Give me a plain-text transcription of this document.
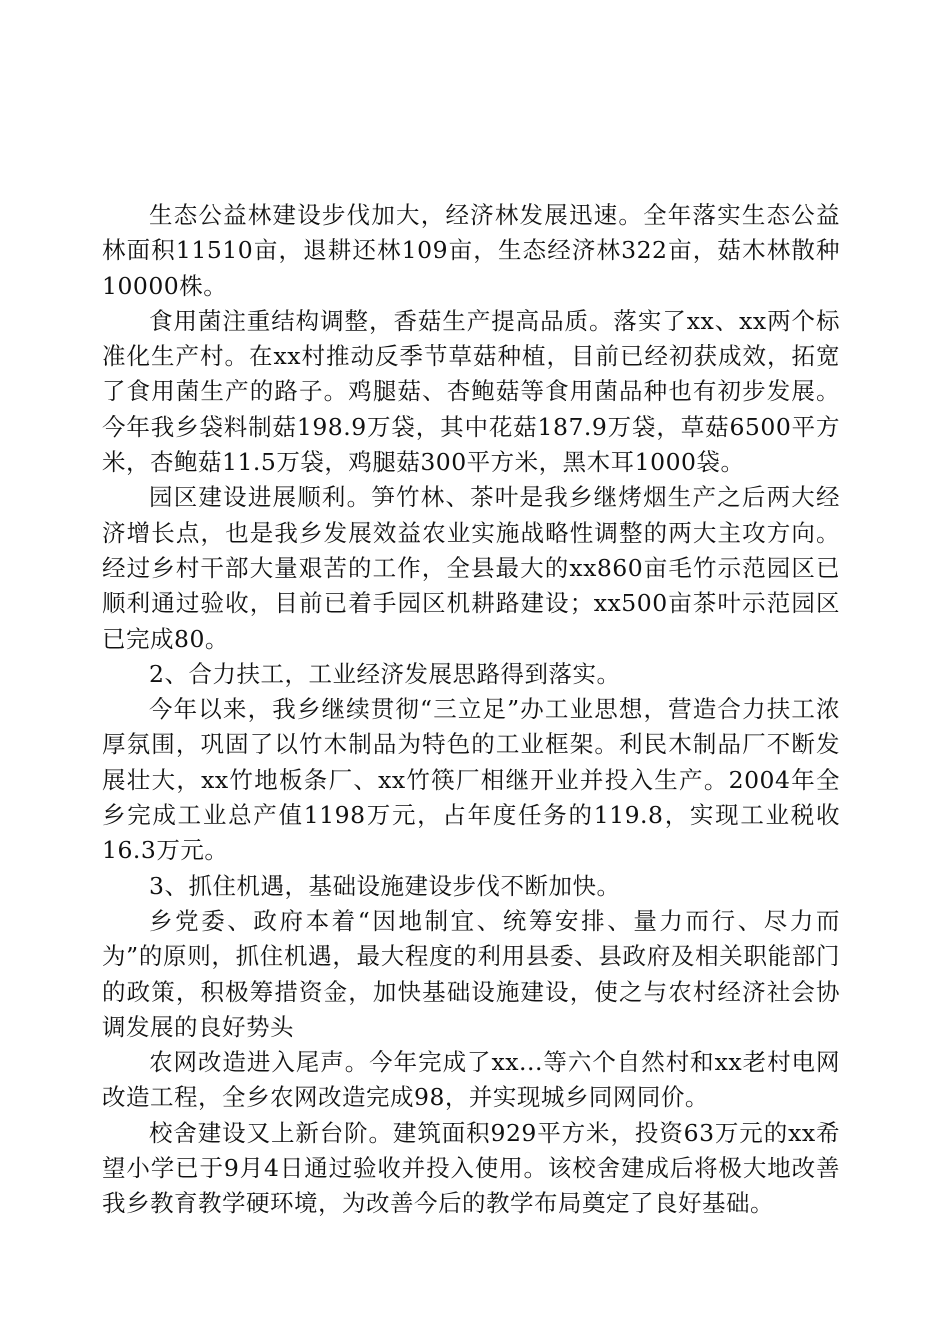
生态公益林建设步伐加大，经济林发展迅速。全年落实生态公益林面积11510亩，退耕还林109亩，生态经济林322亩，菇木林散种10000株。

食用菌注重结构调整，香菇生产提高品质。落实了xx、xx两个标准化生产村。在xx村推动反季节草菇种植，目前已经初获成效，拓宽了食用菌生产的路子。鸡腿菇、杏鲍菇等食用菌品种也有初步发展。今年我乡袋料制菇198.9万袋，其中花菇187.9万袋，草菇6500平方米，杏鲍菇11.5万袋，鸡腿菇300平方米，黑木耳1000袋。

园区建设进展顺利。笋竹林、茶叶是我乡继烤烟生产之后两大经济增长点，也是我乡发展效益农业实施战略性调整的两大主攻方向。经过乡村干部大量艰苦的工作，全县最大的xx860亩毛竹示范园区已顺利通过验收，目前已着手园区机耕路建设；xx500亩茶叶示范园区已完成80。

2、合力扶工，工业经济发展思路得到落实。

今年以来，我乡继续贯彻“三立足”办工业思想，营造合力扶工浓厚氛围，巩固了以竹木制品为特色的工业框架。利民木制品厂不断发展壮大，xx竹地板条厂、xx竹筷厂相继开业并投入生产。2004年全乡完成工业总产值1198万元，占年度任务的119.8，实现工业税收16.3万元。

3、抓住机遇，基础设施建设步伐不断加快。

乡党委、政府本着“因地制宜、统筹安排、量力而行、尽力而为”的原则，抓住机遇，最大程度的利用县委、县政府及相关职能部门的政策，积极筹措资金，加快基础设施建设，使之与农村经济社会协调发展的良好势头

农网改造进入尾声。今年完成了xx...等六个自然村和xx老村电网改造工程，全乡农网改造完成98，并实现城乡同网同价。

校舍建设又上新台阶。建筑面积929平方米，投资63万元的xx希望小学已于9月4日通过验收并投入使用。该校舍建成后将极大地改善我乡教育教学硬环境，为改善今后的教学布局奠定了良好基础。
